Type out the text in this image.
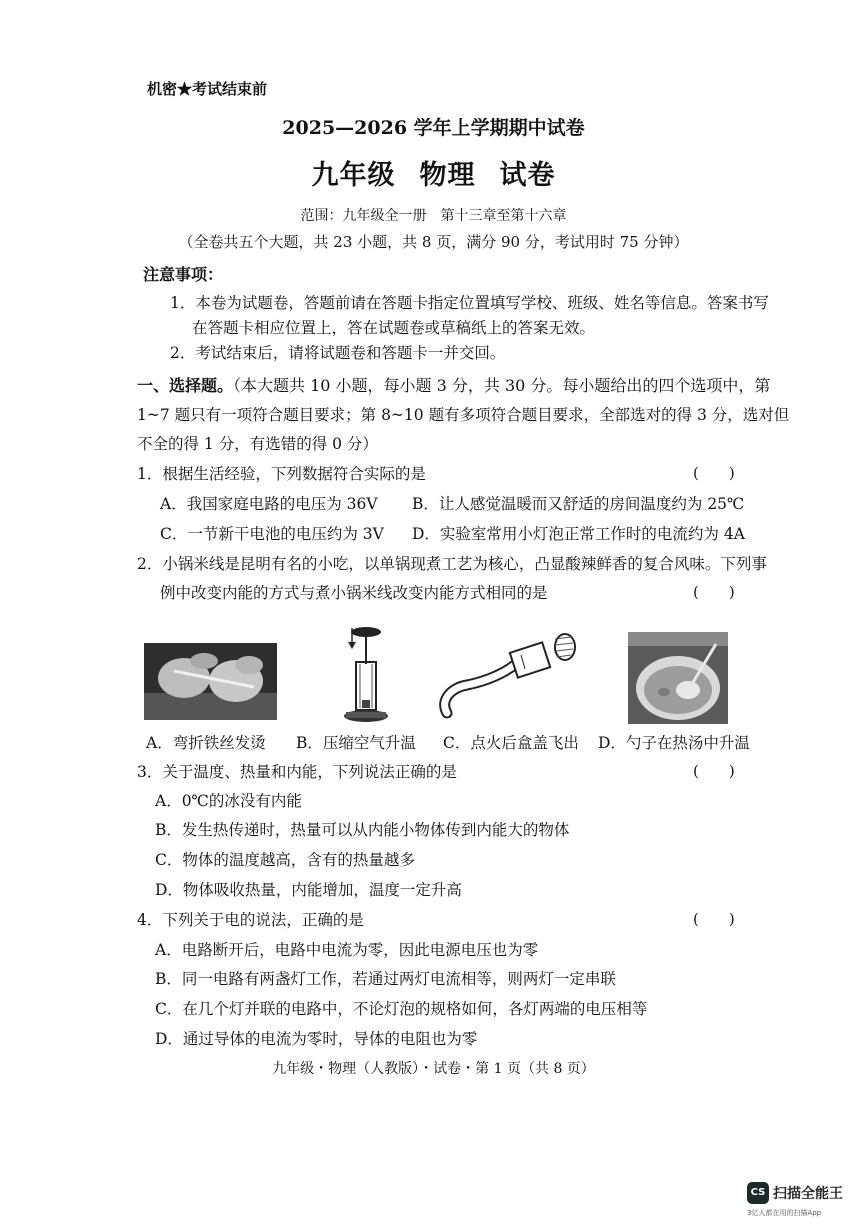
机密★考试结束前
2025—2026 学年上学期期中试卷
九年级 物理 试卷
范围：九年级全一册　第十三章至第十六章
（全卷共五个大题，共 23 小题，共 8 页，满分 90 分，考试用时 75 分钟）
注意事项：
1．本卷为试题卷，答题前请在答题卡指定位置填写学校、班级、姓名等信息。答案书写
在答题卡相应位置上，答在试题卷或草稿纸上的答案无效。
2．考试结束后，请将试题卷和答题卡一并交回。
一、选择题。（本大题共 10 小题，每小题 3 分，共 30 分。每小题给出的四个选项中，第
1~7 题只有一项符合题目要求；第 8~10 题有多项符合题目要求，全部选对的得 3 分，选对但
不全的得 1 分，有选错的得 0 分）
1．根据生活经验，下列数据符合实际的是	(　　)
A．我国家庭电路的电压为 36V B．让人感觉温暖而又舒适的房间温度约为 25℃
C．一节新干电池的电压约为 3V D．实验室常用小灯泡正常工作时的电流约为 4A
2．小锅米线是昆明有名的小吃，以单锅现煮工艺为核心，凸显酸辣鲜香的复合风味。下列事
例中改变内能的方式与煮小锅米线改变内能方式相同的是	(　　)
A．弯折铁丝发烫 B．压缩空气升温 C．点火后盒盖飞出 D．勺子在热汤中升温
3．关于温度、热量和内能，下列说法正确的是	(　　)
A．0℃的冰没有内能
B．发生热传递时，热量可以从内能小物体传到内能大的物体
C．物体的温度越高，含有的热量越多
D．物体吸收热量，内能增加，温度一定升高
4．下列关于电的说法，正确的是	(　　)
A．电路断开后，电路中电流为零，因此电源电压也为零
B．同一电路有两盏灯工作，若通过两灯电流相等，则两灯一定串联
C．在几个灯并联的电路中，不论灯泡的规格如何，各灯两端的电压相等
D．通过导体的电流为零时，导体的电阻也为零
九年级・物理（人教版）・试卷・第 1 页（共 8 页）
CS 扫描全能王
3亿人都在用的扫描App
